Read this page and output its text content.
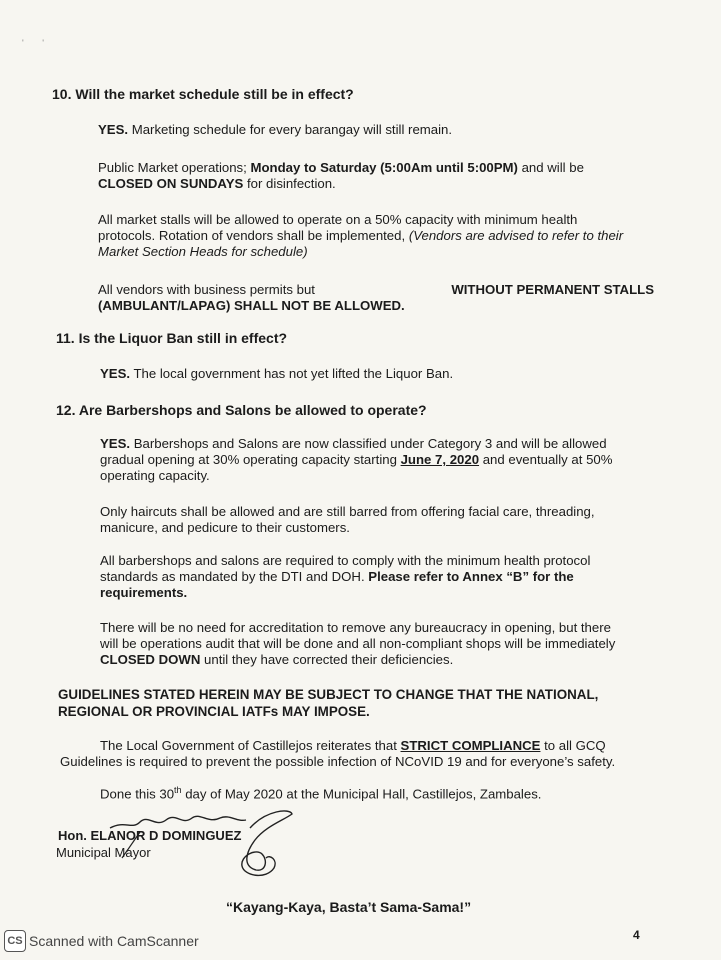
' '
10. Will the market schedule still be in effect?
YES. Marketing schedule for every barangay will still remain.
Public Market operations; Monday to Saturday (5:00Am until 5:00PM) and will be
CLOSED ON SUNDAYS for disinfection.
All market stalls will be allowed to operate on a 50% capacity with minimum health
protocols. Rotation of vendors shall be implemented, (Vendors are advised to refer to their
Market Section Heads for schedule)
All vendors with business permits but	WITHOUT PERMANENT STALLS
(AMBULANT/LAPAG) SHALL NOT BE ALLOWED.
11. Is the Liquor Ban still in effect?
YES. The local government has not yet lifted the Liquor Ban.
12. Are Barbershops and Salons be allowed to operate?
YES. Barbershops and Salons are now classified under Category 3 and will be allowed
gradual opening at 30% operating capacity starting June 7, 2020 and eventually at 50%
operating capacity.
Only haircuts shall be allowed and are still barred from offering facial care, threading,
manicure, and pedicure to their customers.
All barbershops and salons are required to comply with the minimum health protocol
standards as mandated by the DTI and DOH. Please refer to Annex “B” for the
requirements.
There will be no need for accreditation to remove any bureaucracy in opening, but there
will be operations audit that will be done and all non-compliant shops will be immediately
CLOSED DOWN until they have corrected their deficiencies.
GUIDELINES STATED HEREIN MAY BE SUBJECT TO CHANGE THAT THE NATIONAL,
REGIONAL OR PROVINCIAL IATFs MAY IMPOSE.
The Local Government of Castillejos reiterates that STRICT COMPLIANCE to all GCQ
Guidelines is required to prevent the possible infection of NCoVID 19 and for everyone’s safety.
Done this 30th day of May 2020 at the Municipal Hall, Castillejos, Zambales.
Hon. ELANOR D DOMINGUEZ
Municipal Mayor
“Kayang-Kaya, Basta’t Sama-Sama!”
CS Scanned with CamScanner	4
